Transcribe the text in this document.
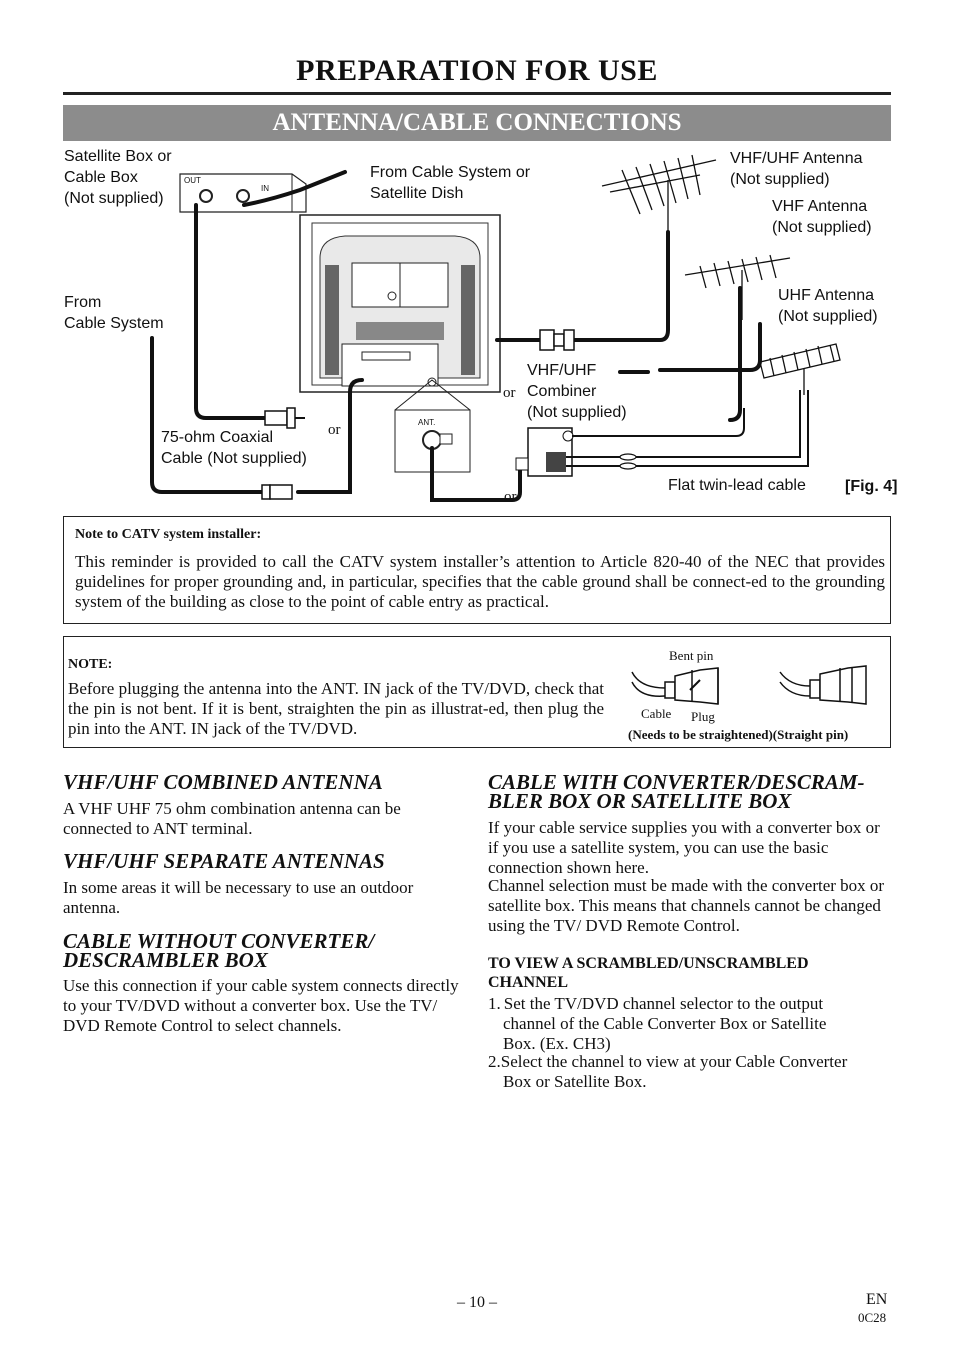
PREPARATION FOR USE
ANTENNA/CABLE CONNECTIONS
Satellite Box or
Cable Box
(Not supplied)
OUT
IN
From Cable System or
Satellite Dish
VHF/UHF Antenna
(Not supplied)
VHF Antenna
(Not supplied)
UHF Antenna
(Not supplied)
From
Cable System
VHF/UHF
Combiner
(Not supplied)
75-ohm Coaxial
Cable (Not supplied)
or
or
or
ANT.
Flat twin-lead cable [Fig. 4]
Note to CATV system installer:
This reminder is provided to call the CATV system installer’s attention to Article 820-40 of the NEC that provides guidelines for proper grounding and, in particular, specifies that the cable ground shall be connect-ed to the grounding system of the building as close to the point of cable entry as practical.
NOTE:
Before plugging the antenna into the ANT. IN jack of the TV/DVD, check that the pin is not bent. If it is bent, straighten the pin as illustrat-ed, then plug the pin into the ANT. IN jack of the TV/DVD.
Bent pin
Cable Plug
(Needs to be straightened)(Straight pin)
VHF/UHF COMBINED ANTENNA
A VHF UHF 75 ohm combination antenna can be connected to ANT terminal.
VHF/UHF SEPARATE ANTENNAS
In some areas it will be necessary to use an outdoor antenna.
CABLE WITHOUT CONVERTER/
DESCRAMBLER BOX
Use this connection if your cable system connects directly to your TV/DVD without a converter box. Use the TV/ DVD Remote Control to select channels.
CABLE WITH CONVERTER/DESCRAM-
BLER BOX OR SATELLITE BOX
If your cable service supplies you with a converter box or if you use a satellite system, you can use the basic connection shown here.
Channel selection must be made with the converter box or satellite box. This means that channels cannot be changed using the TV/ DVD Remote Control.
TO VIEW A SCRAMBLED/UNSCRAMBLED
CHANNEL
1. Set the TV/DVD channel selector to the output
channel of the Cable Converter Box or Satellite
Box. (Ex. CH3)
2.Select the channel to view at your Cable Converter
Box or Satellite Box.
– 10 –	EN
0C28
